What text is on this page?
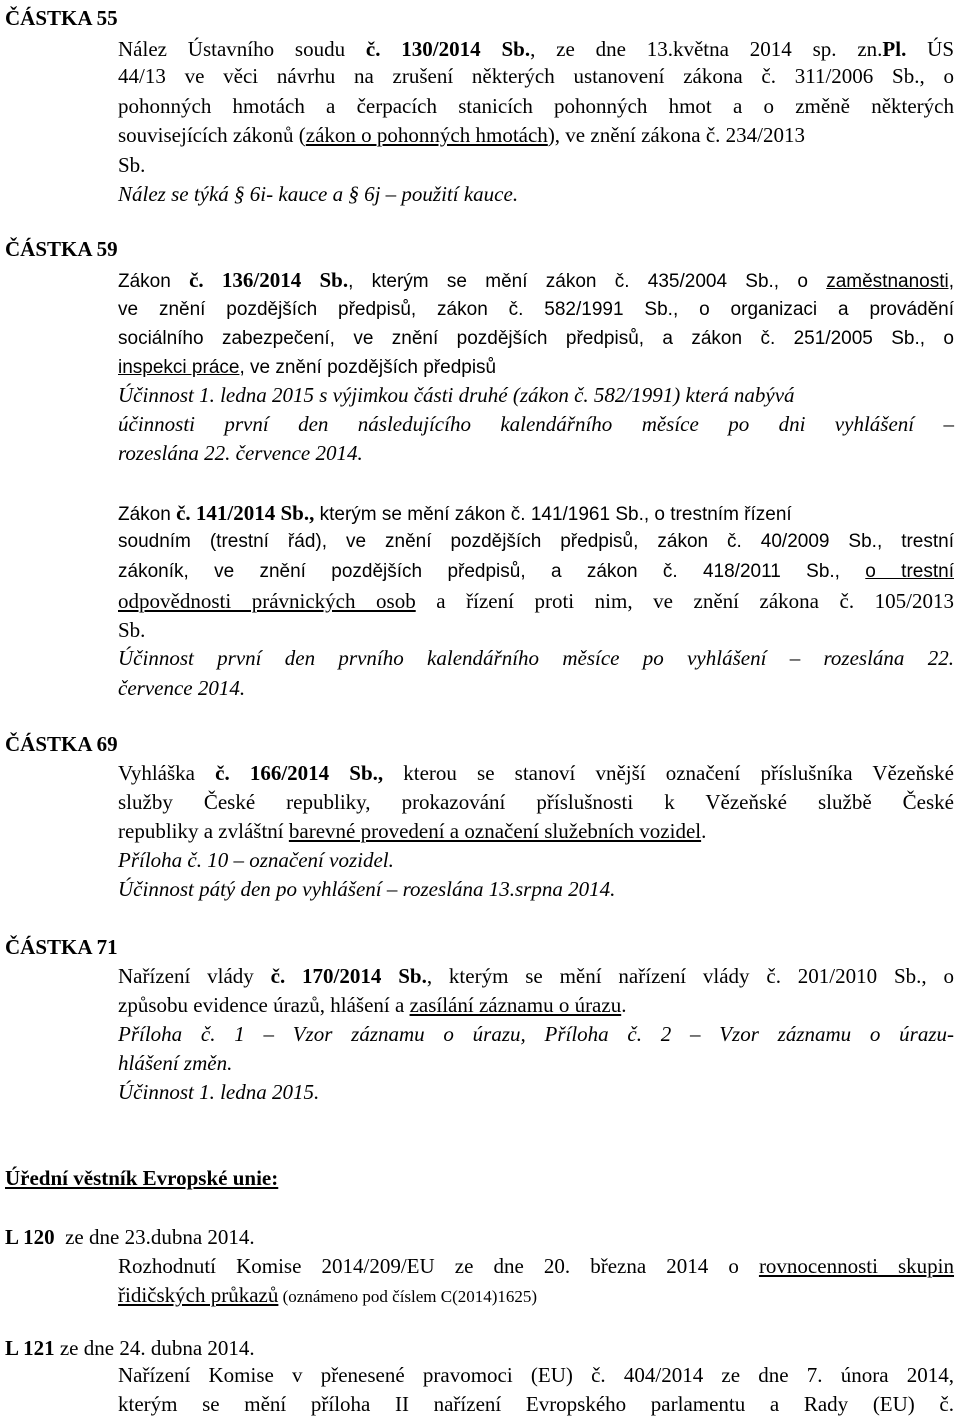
ČÁSTKA 55
Nález Ústavního soudu č. 130/2014 Sb., ze dne 13.května 2014 sp. zn.Pl. ÚS
44/13 ve věci návrhu na zrušení některých ustanovení zákona č. 311/2006 Sb., o
pohonných hmotách a čerpacích stanicích pohonných hmot a o změně některých
souvisejících zákonů (zákon o pohonných hmotách), ve znění zákona č. 234/2013
Sb.
Nález se týká § 6i- kauce a § 6j – použití kauce.
ČÁSTKA 59
Zákon č. 136/2014 Sb., kterým se mění zákon č. 435/2004 Sb., o zaměstnanosti,
ve znění pozdějších předpisů, zákon č. 582/1991 Sb., o organizaci a provádění
sociálního zabezpečení, ve znění pozdějších předpisů, a zákon č. 251/2005 Sb., o
inspekci práce, ve znění pozdějších předpisů
Účinnost 1. ledna 2015 s výjimkou části druhé (zákon č. 582/1991) která nabývá
účinnosti první den následujícího kalendářního měsíce po dni vyhlášení –
rozeslána 22. července 2014.
Zákon č. 141/2014 Sb., kterým se mění zákon č. 141/1961 Sb., o trestním řízení
soudním (trestní řád), ve znění pozdějších předpisů, zákon č. 40/2009 Sb., trestní
zákoník, ve znění pozdějších předpisů, a zákon č. 418/2011 Sb., o trestní
odpovědnosti právnických osob a řízení proti nim, ve znění zákona č. 105/2013
Sb.
Účinnost první den prvního kalendářního měsíce po vyhlášení – rozeslána 22.
července 2014.
ČÁSTKA 69
Vyhláška č. 166/2014 Sb., kterou se stanoví vnější označení příslušníka Vězeňské
služby České republiky, prokazování příslušnosti k Vězeňské službě České
republiky a zvláštní barevné provedení a označení služebních vozidel.
Příloha č. 10 – označení vozidel.
Účinnost pátý den po vyhlášení – rozeslána 13.srpna 2014.
ČÁSTKA 71
Nařízení vlády č. 170/2014 Sb., kterým se mění nařízení vlády č. 201/2010 Sb., o
způsobu evidence úrazů, hlášení a zasílání záznamu o úrazu.
Příloha č. 1 – Vzor záznamu o úrazu, Příloha č. 2 – Vzor záznamu o úrazu-
hlášení změn.
Účinnost 1. ledna 2015.
Úřední věstník Evropské unie:
L 120  ze dne 23.dubna 2014.
Rozhodnutí Komise 2014/209/EU ze dne 20. března 2014 o rovnocennosti skupin
řidičských průkazů (oznámeno pod číslem C(2014)1625)
L 121 ze dne 24. dubna 2014.
Nařízení Komise v přenesené pravomoci (EU) č. 404/2014 ze dne 7. února 2014,
kterým se mění příloha II nařízení Evropského parlamentu a Rady (EU) č.
